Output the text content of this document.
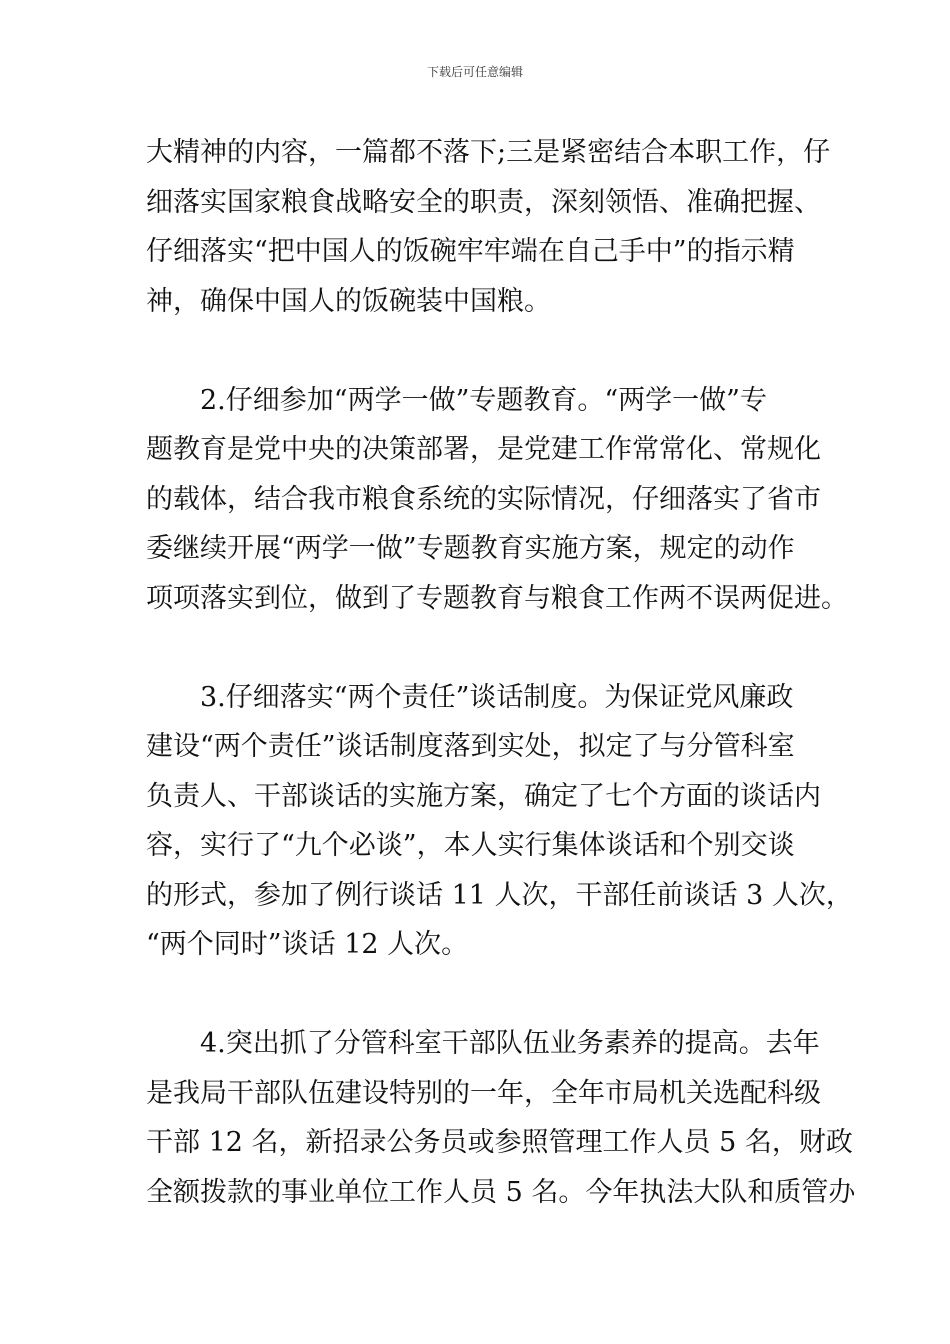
下载后可任意编辑
大精神的内容，一篇都不落下;三是紧密结合本职工作，仔
细落实国家粮食战略安全的职责，深刻领悟、准确把握、
仔细落实“把中国人的饭碗牢牢端在自己手中”的指示精
神，确保中国人的饭碗装中国粮。
2.仔细参加“两学一做”专题教育。“两学一做”专
题教育是党中央的决策部署，是党建工作常常化、常规化
的载体，结合我市粮食系统的实际情况，仔细落实了省市
委继续开展“两学一做”专题教育实施方案，规定的动作
项项落实到位，做到了专题教育与粮食工作两不误两促进。
3.仔细落实“两个责任”谈话制度。为保证党风廉政
建设“两个责任”谈话制度落到实处，拟定了与分管科室
负责人、干部谈话的实施方案，确定了七个方面的谈话内
容，实行了“九个必谈”，本人实行集体谈话和个别交谈
的形式，参加了例行谈话 11 人次，干部任前谈话 3 人次，
“两个同时”谈话 12 人次。
4.突出抓了分管科室干部队伍业务素养的提高。去年
是我局干部队伍建设特别的一年，全年市局机关选配科级
干部 12 名，新招录公务员或参照管理工作人员 5 名，财政
全额拨款的事业单位工作人员 5 名。今年执法大队和质管办
